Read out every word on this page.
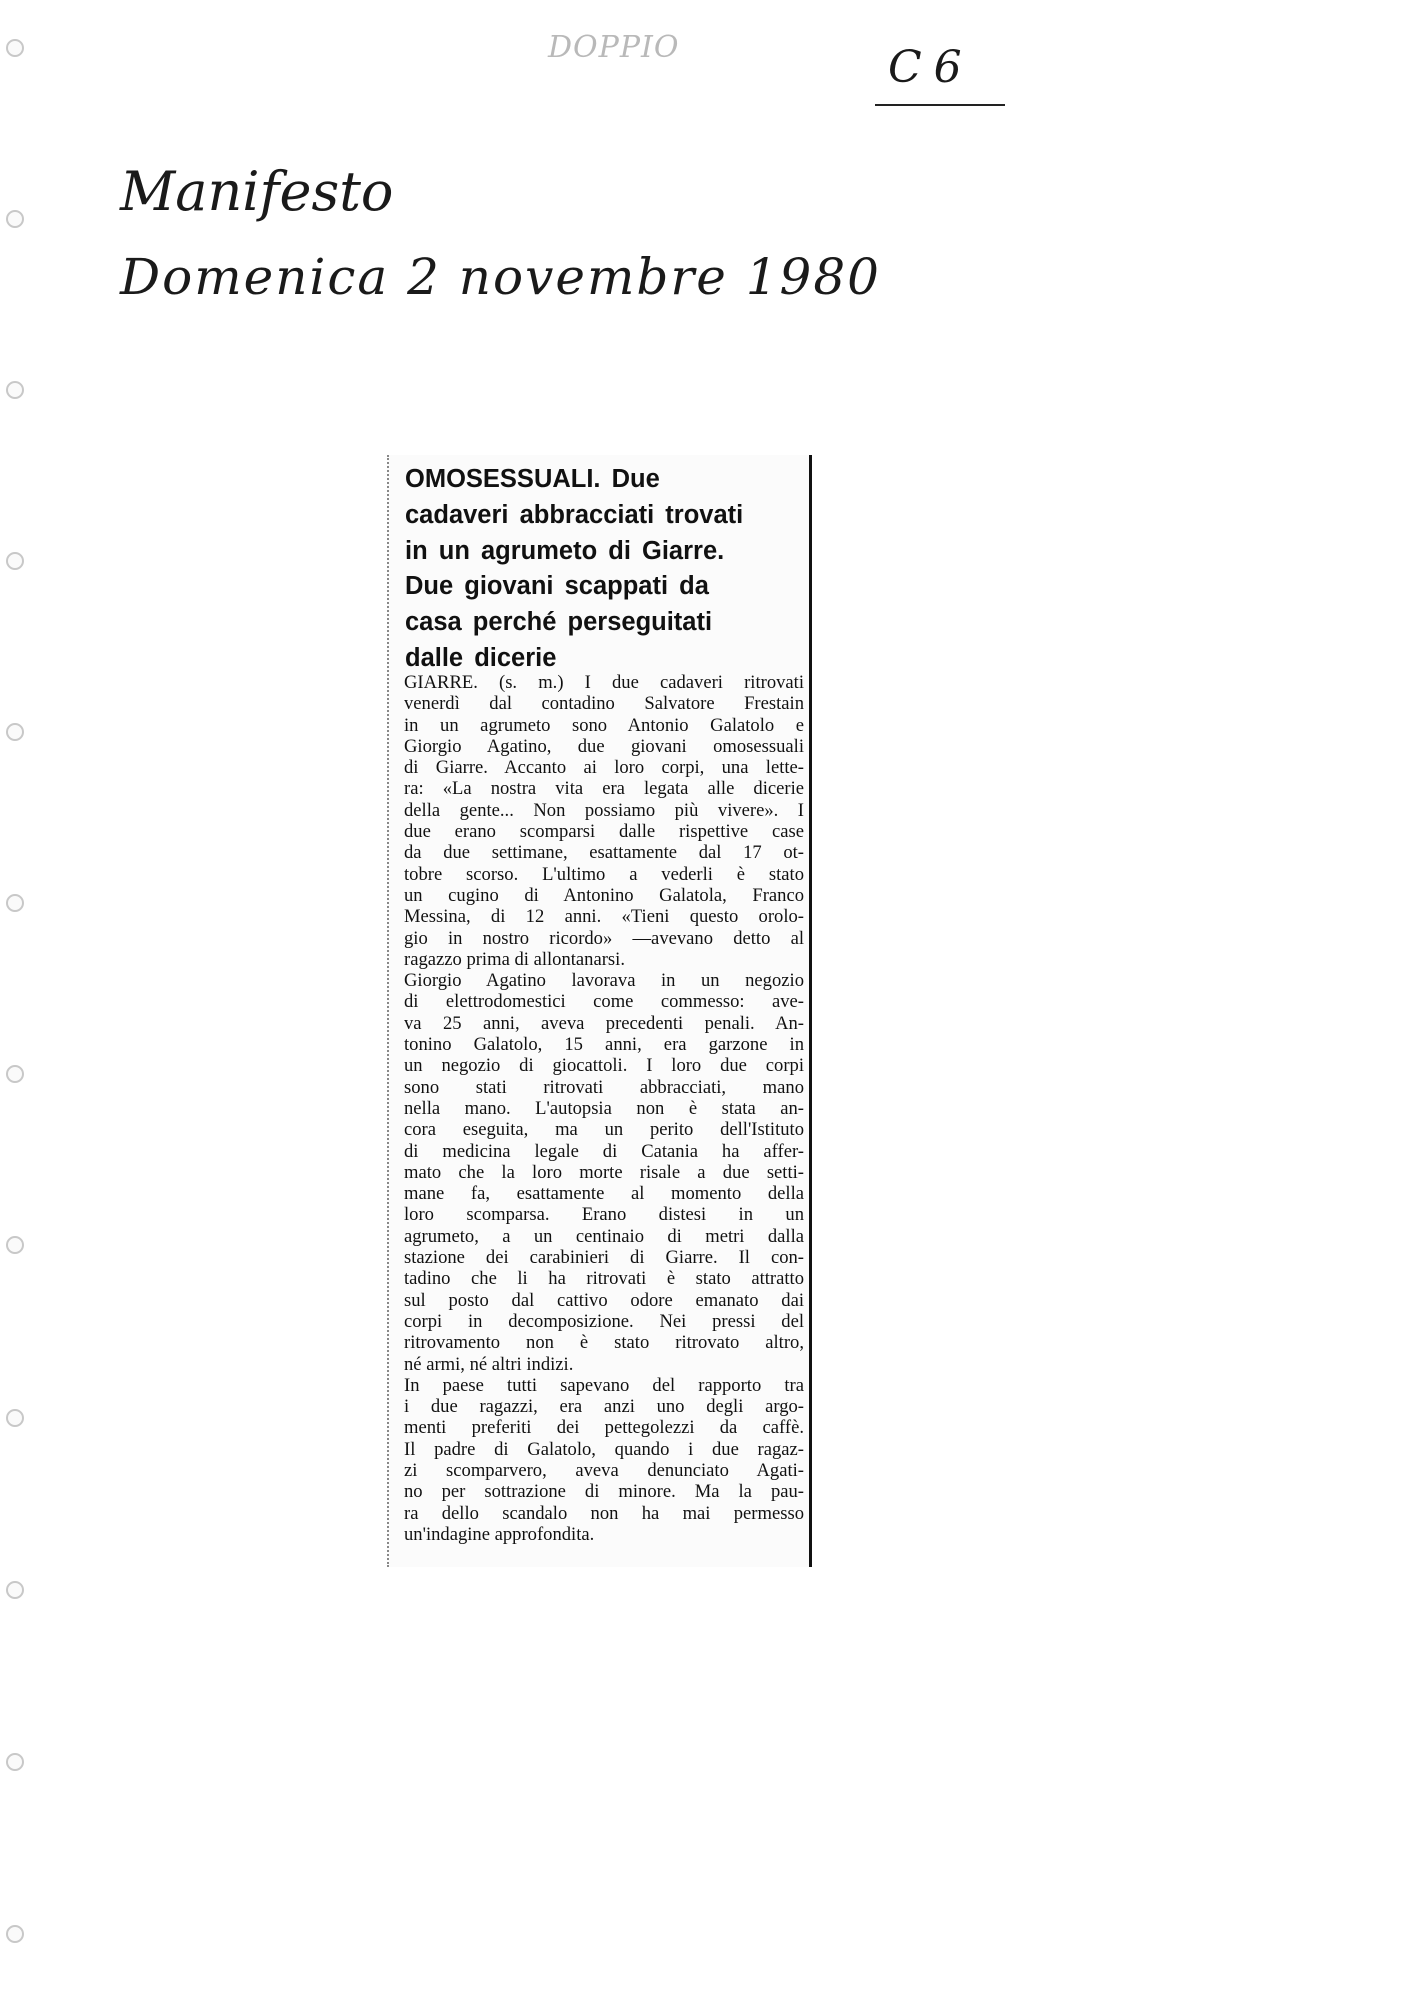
DOPPIO	C6
Manifesto
Domenica 2 novembre 1980
OMOSESSUALI. Due
cadaveri abbracciati trovati
in un agrumeto di Giarre.
Due giovani scappati da
casa perché perseguitati
dalle dicerie
GIARRE. (s. m.) I due cadaveri ritrovati
venerdì dal contadino Salvatore Frestain
in un agrumeto sono Antonio Galatolo e
Giorgio Agatino, due giovani omosessuali
di Giarre. Accanto ai loro corpi, una lette-
ra: «La nostra vita era legata alle dicerie
della gente... Non possiamo più vivere». I
due erano scomparsi dalle rispettive case
da due settimane, esattamente dal 17 ot-
tobre scorso. L'ultimo a vederli è stato
un cugino di Antonino Galatola, Franco
Messina, di 12 anni. «Tieni questo orolo-
gio in nostro ricordo» —avevano detto al
ragazzo prima di allontanarsi.
Giorgio Agatino lavorava in un negozio
di elettrodomestici come commesso: ave-
va 25 anni, aveva precedenti penali. An-
tonino Galatolo, 15 anni, era garzone in
un negozio di giocattoli. I loro due corpi
sono stati ritrovati abbracciati, mano
nella mano. L'autopsia non è stata an-
cora eseguita, ma un perito dell'Istituto
di medicina legale di Catania ha affer-
mato che la loro morte risale a due setti-
mane fa, esattamente al momento della
loro scomparsa. Erano distesi in un
agrumeto, a un centinaio di metri dalla
stazione dei carabinieri di Giarre. Il con-
tadino che li ha ritrovati è stato attratto
sul posto dal cattivo odore emanato dai
corpi in decomposizione. Nei pressi del
ritrovamento non è stato ritrovato altro,
né armi, né altri indizi.
In paese tutti sapevano del rapporto tra
i due ragazzi, era anzi uno degli argo-
menti preferiti dei pettegolezzi da caffè.
Il padre di Galatolo, quando i due ragaz-
zi scomparvero, aveva denunciato Agati-
no per sottrazione di minore. Ma la pau-
ra dello scandalo non ha mai permesso
un'indagine approfondita.
